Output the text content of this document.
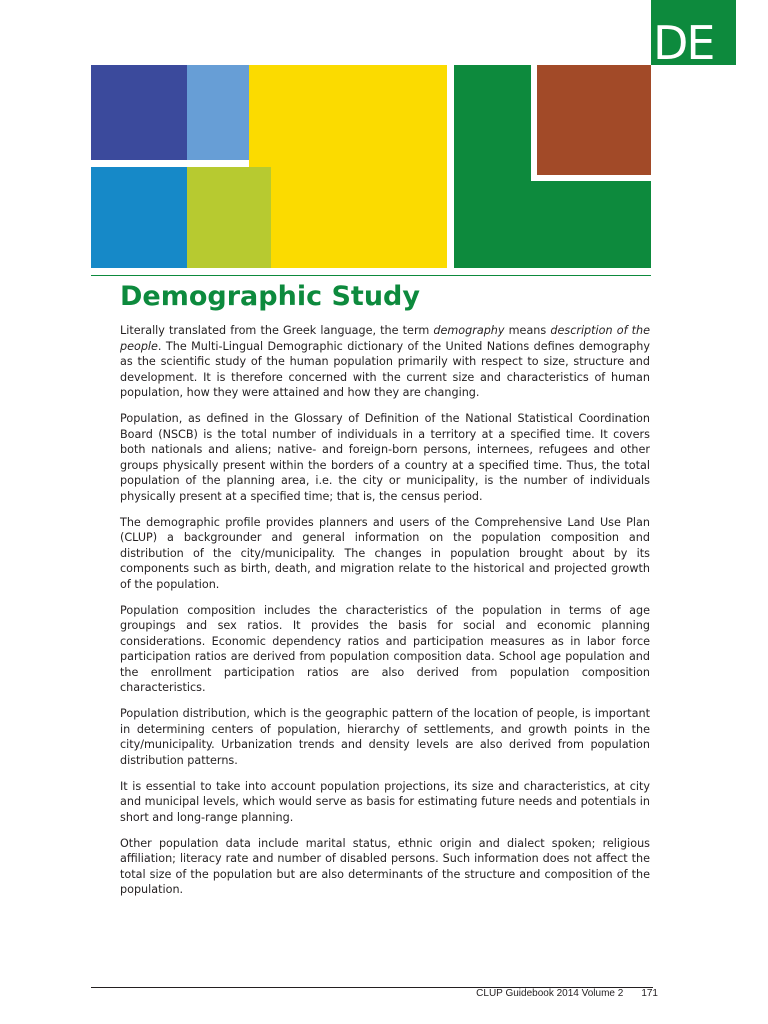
DE
Demographic Study

Literally translated from the Greek language, the term demography means description of the people. The Multi-Lingual Demographic dictionary of the United Nations defines demography as the scientific study of the human population primarily with respect to size, structure and development. It is therefore concerned with the current size and characteristics of human population, how they were attained and how they are changing.

Population, as defined in the Glossary of Definition of the National Statistical Coordination Board (NSCB) is the total number of individuals in a territory at a specified time. It covers both nationals and aliens; native- and foreign-born persons, internees, refugees and other groups physically present within the borders of a country at a specified time. Thus, the total population of the planning area, i.e. the city or municipality, is the number of individuals physically present at a specified time; that is, the census period.

The demographic profile provides planners and users of the Comprehensive Land Use Plan (CLUP) a backgrounder and general information on the population composition and distribution of the city/municipality. The changes in population brought about by its components such as birth, death, and migration relate to the historical and projected growth of the population.

Population composition includes the characteristics of the population in terms of age groupings and sex ratios. It provides the basis for social and economic planning considerations. Economic dependency ratios and participation measures as in labor force participation ratios are derived from population composition data. School age population and the enrollment participation ratios are also derived from population composition characteristics.

Population distribution, which is the geographic pattern of the location of people, is important in determining centers of population, hierarchy of settlements, and growth points in the city/municipality. Urbanization trends and density levels are also derived from population distribution patterns.

It is essential to take into account population projections, its size and characteristics, at city and municipal levels, which would serve as basis for estimating future needs and potentials in short and long-range planning.

Other population data include marital status, ethnic origin and dialect spoken; religious affiliation; literacy rate and number of disabled persons. Such information does not affect the total size of the population but are also determinants of the structure and composition of the population.

CLUP Guidebook 2014 Volume 2 171
